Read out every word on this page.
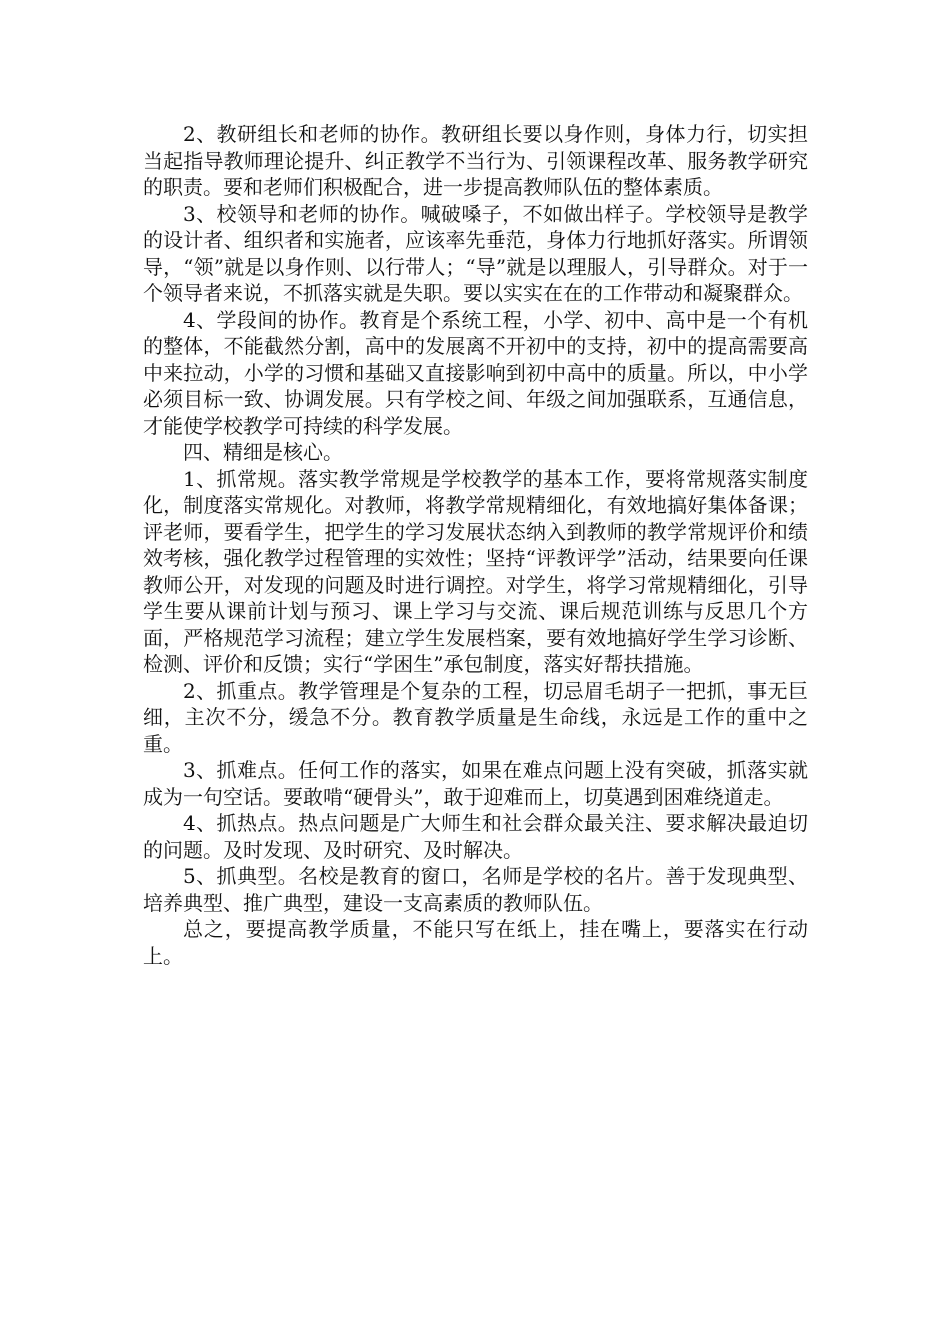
2、教研组长和老师的协作。教研组长要以身作则，身体力行，切实担当起指导教师理论提升、纠正教学不当行为、引领课程改革、服务教学研究的职责。要和老师们积极配合，进一步提高教师队伍的整体素质。

3、校领导和老师的协作。喊破嗓子，不如做出样子。学校领导是教学的设计者、组织者和实施者，应该率先垂范，身体力行地抓好落实。所谓领导，“领”就是以身作则、以行带人；“导”就是以理服人，引导群众。对于一个领导者来说，不抓落实就是失职。要以实实在在的工作带动和凝聚群众。

4、学段间的协作。教育是个系统工程，小学、初中、高中是一个有机的整体，不能截然分割，高中的发展离不开初中的支持，初中的提高需要高中来拉动，小学的习惯和基础又直接影响到初中高中的质量。所以，中小学必须目标一致、协调发展。只有学校之间、年级之间加强联系，互通信息，才能使学校教学可持续的科学发展。

四、精细是核心。

1、抓常规。落实教学常规是学校教学的基本工作，要将常规落实制度化，制度落实常规化。对教师，将教学常规精细化，有效地搞好集体备课；评老师，要看学生，把学生的学习发展状态纳入到教师的教学常规评价和绩效考核，强化教学过程管理的实效性；坚持“评教评学”活动，结果要向任课教师公开，对发现的问题及时进行调控。对学生，将学习常规精细化，引导学生要从课前计划与预习、课上学习与交流、课后规范训练与反思几个方面，严格规范学习流程；建立学生发展档案，要有效地搞好学生学习诊断、检测、评价和反馈；实行“学困生”承包制度，落实好帮扶措施。

2、抓重点。教学管理是个复杂的工程，切忌眉毛胡子一把抓，事无巨细，主次不分，缓急不分。教育教学质量是生命线，永远是工作的重中之重。

3、抓难点。任何工作的落实，如果在难点问题上没有突破，抓落实就成为一句空话。要敢啃“硬骨头”，敢于迎难而上，切莫遇到困难绕道走。

4、抓热点。热点问题是广大师生和社会群众最关注、要求解决最迫切的问题。及时发现、及时研究、及时解决。

5、抓典型。名校是教育的窗口，名师是学校的名片。善于发现典型、培养典型、推广典型，建设一支高素质的教师队伍。

总之，要提高教学质量，不能只写在纸上，挂在嘴上，要落实在行动上。
